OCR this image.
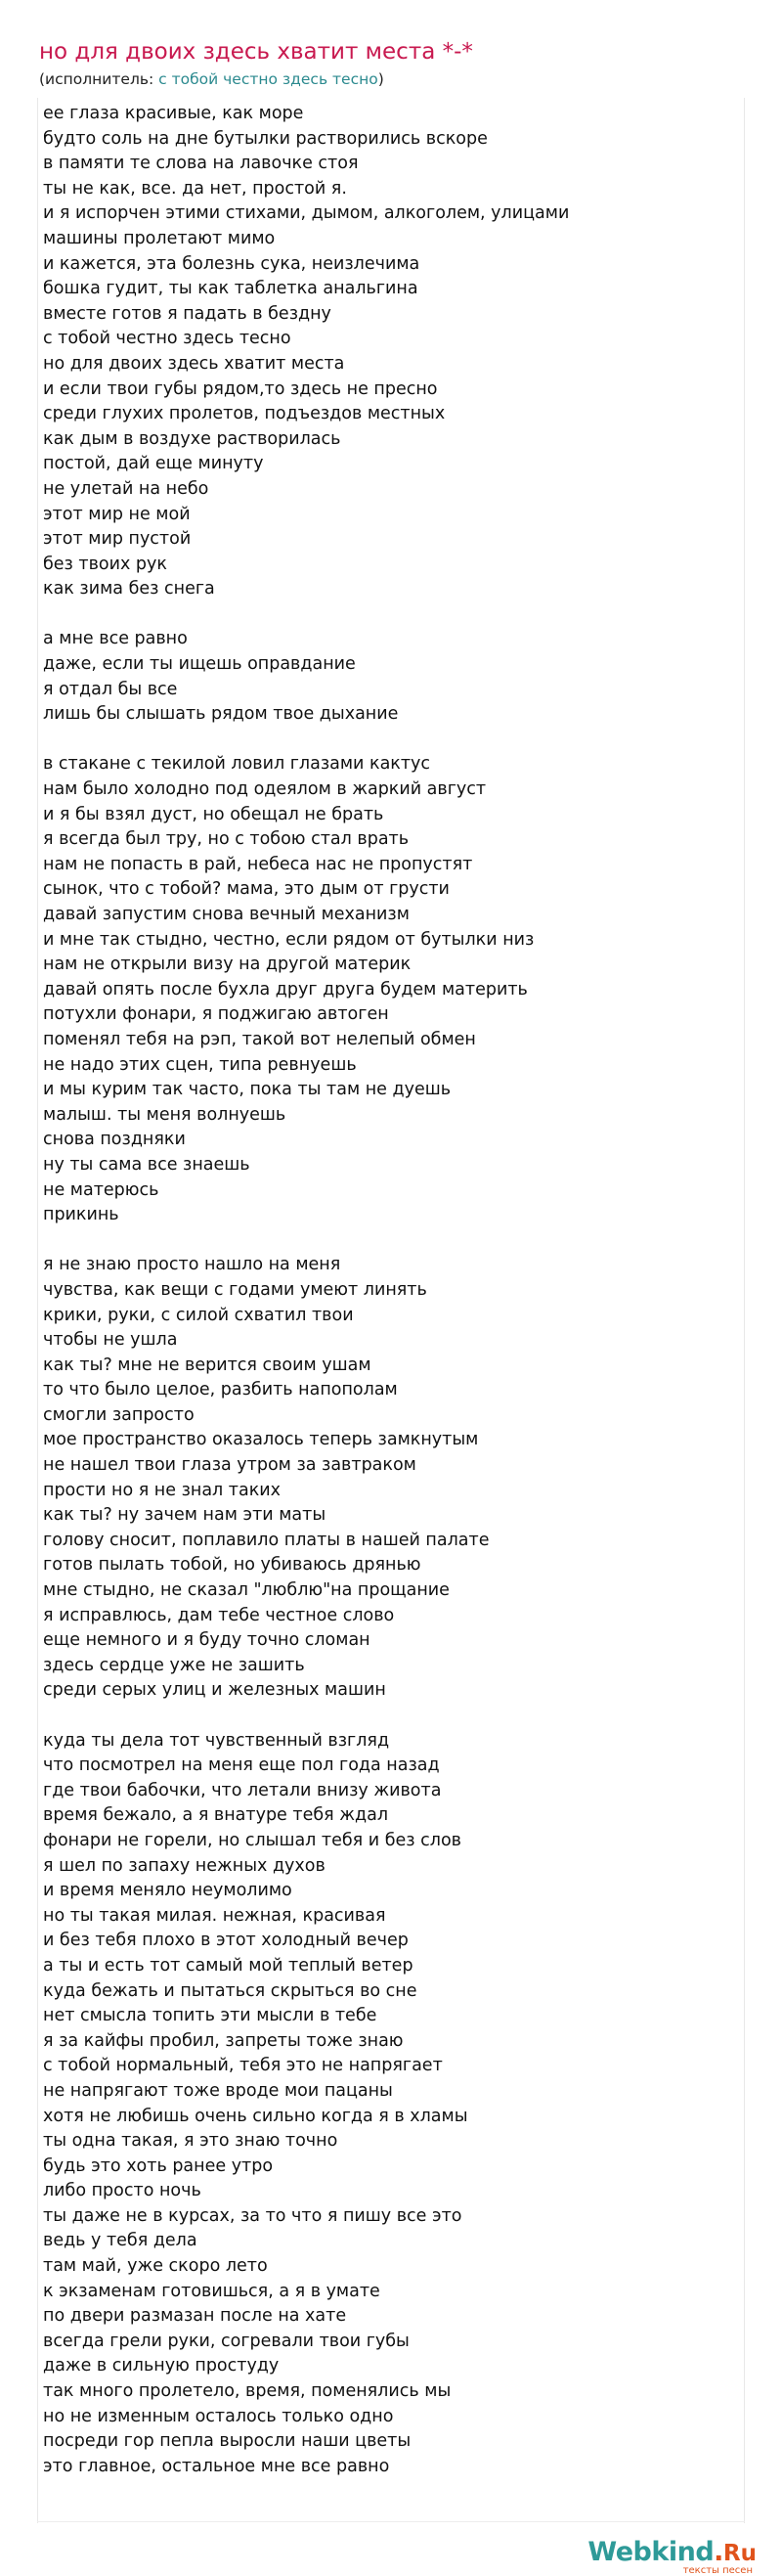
но для двоих здесь хватит места *-*
(исполнитель: с тобой честно здесь тесно)
ее глаза красивые, как море
будто соль на дне бутылки растворились вскоре
в памяти те слова на лавочке стоя
ты не как, все. да нет, простой я.
и я испорчен этими стихами, дымом, алкоголем, улицами
машины пролетают мимо
и кажется, эта болезнь сука, неизлечима
бошка гудит, ты как таблетка анальгина
вместе готов я падать в бездну
с тобой честно здесь тесно
но для двоих здесь хватит места
и если твои губы рядом,то здесь не пресно
среди глухих пролетов, подъездов местных
как дым в воздухе растворилась
постой, дай еще минуту
не улетай на небо
этот мир не мой
этот мир пустой
без твоих рук
как зима без снега
а мне все равно
даже, если ты ищешь оправдание
я отдал бы все
лишь бы слышать рядом твое дыхание
в стакане с текилой ловил глазами кактус
нам было холодно под одеялом в жаркий август
и я бы взял дуст, но обещал не брать
я всегда был тру, но с тобою стал врать
нам не попасть в рай, небеса нас не пропустят
сынок, что с тобой? мама, это дым от грусти
давай запустим снова вечный механизм
и мне так стыдно, честно, если рядом от бутылки низ
нам не открыли визу на другой материк
давай опять после бухла друг друга будем материть
потухли фонари, я поджигаю автоген
поменял тебя на рэп, такой вот нелепый обмен
не надо этих сцен, типа ревнуешь
и мы курим так часто, пока ты там не дуешь
малыш. ты меня волнуешь
снова поздняки
ну ты сама все знаешь
не матерюсь
прикинь
я не знаю просто нашло на меня
чувства, как вещи с годами умеют линять
крики, руки, с силой схватил твои
чтобы не ушла
как ты? мне не верится своим ушам
то что было целое, разбить напополам
смогли запросто
мое пространство оказалось теперь замкнутым
не нашел твои глаза утром за завтраком
прости но я не знал таких
как ты? ну зачем нам эти маты
голову сносит, поплавило платы в нашей палате
готов пылать тобой, но убиваюсь дрянью
мне стыдно, не сказал "люблю"на прощание
я исправлюсь, дам тебе честное слово
еще немного и я буду точно сломан
здесь сердце уже не зашить
среди серых улиц и железных машин
куда ты дела тот чувственный взгляд
что посмотрел на меня еще пол года назад
где твои бабочки, что летали внизу живота
время бежало, а я внатуре тебя ждал
фонари не горели, но слышал тебя и без слов
я шел по запаху нежных духов
и время меняло неумолимо
но ты такая милая. нежная, красивая
и без тебя плохо в этот холодный вечер
а ты и есть тот самый мой теплый ветер
куда бежать и пытаться скрыться во сне
нет смысла топить эти мысли в тебе
я за кайфы пробил, запреты тоже знаю
с тобой нормальный, тебя это не напрягает
не напрягают тоже вроде мои пацаны
хотя не любишь очень сильно когда я в хламы
ты одна такая, я это знаю точно
будь это хоть ранее утро
либо просто ночь
ты даже не в курсах, за то что я пишу все это
ведь у тебя дела
там май, уже скоро лето
к экзаменам готовишься, а я в умате
по двери размазан после на хате
всегда грели руки, согревали твои губы
даже в сильную простуду
так много пролетело, время, поменялись мы
но не изменным осталось только одно
посреди гор пепла выросли наши цветы
это главное, остальное мне все равно
Webkind.Ru
тексты песен
